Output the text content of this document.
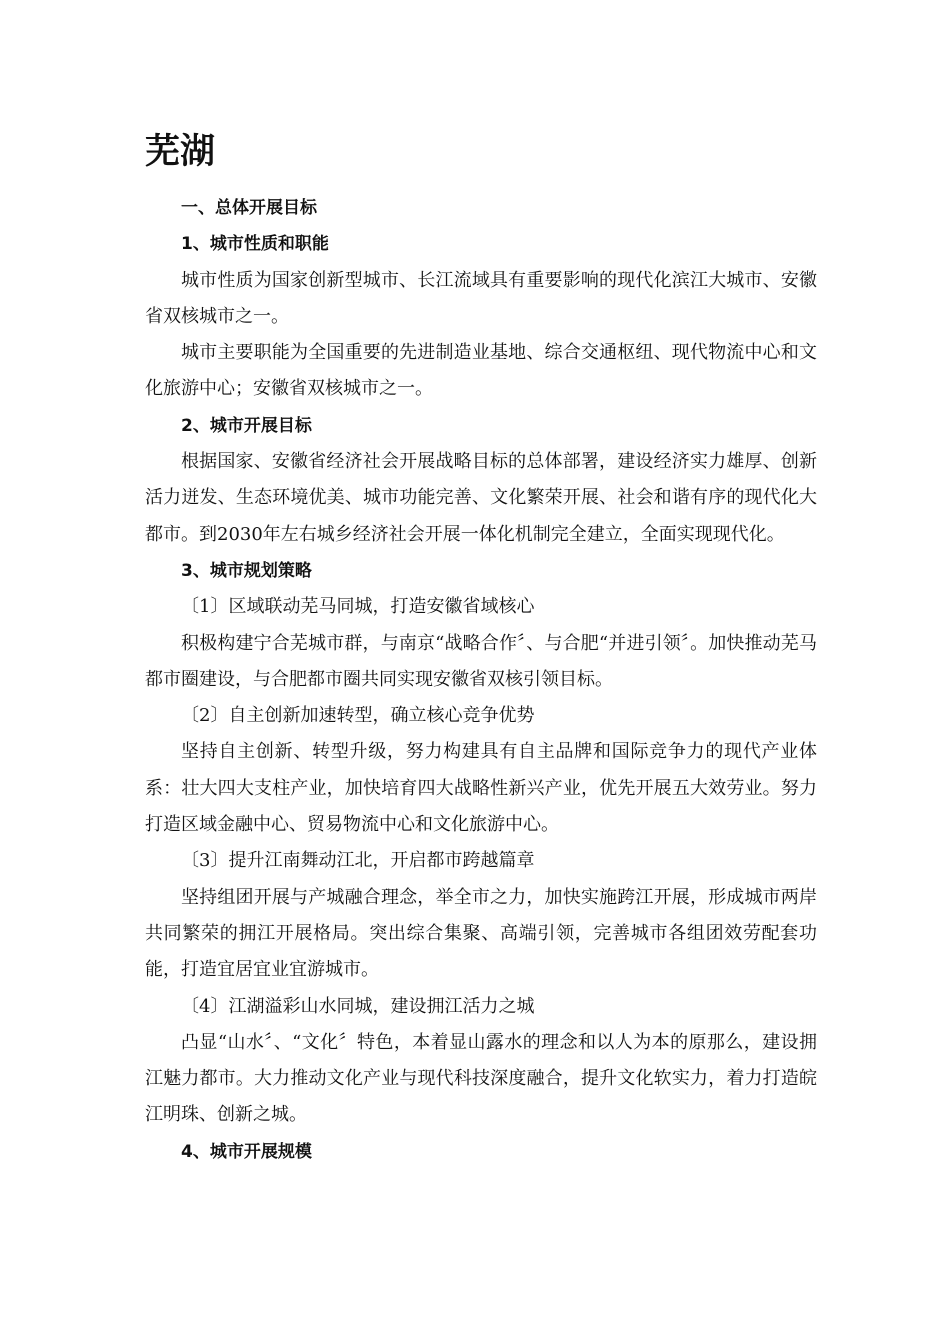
芜湖

一、总体开展目标

1、城市性质和职能

城市性质为国家创新型城市、长江流域具有重要影响的现代化滨江大城市、安徽省双核城市之一。

城市主要职能为全国重要的先进制造业基地、综合交通枢纽、现代物流中心和文化旅游中心；安徽省双核城市之一。

2、城市开展目标

根据国家、安徽省经济社会开展战略目标的总体部署，建设经济实力雄厚、创新活力迸发、生态环境优美、城市功能完善、文化繁荣开展、社会和谐有序的现代化大都市。到2030年左右城乡经济社会开展一体化机制完全建立，全面实现现代化。

3、城市规划策略

〔1〕区域联动芜马同城，打造安徽省域核心

积极构建宁合芜城市群，与南京“战略合作〞、与合肥“并进引领〞。加快推动芜马都市圈建设，与合肥都市圈共同实现安徽省双核引领目标。

〔2〕自主创新加速转型，确立核心竞争优势

坚持自主创新、转型升级，努力构建具有自主品牌和国际竞争力的现代产业体系：壮大四大支柱产业，加快培育四大战略性新兴产业，优先开展五大效劳业。努力打造区域金融中心、贸易物流中心和文化旅游中心。

〔3〕提升江南舞动江北，开启都市跨越篇章

坚持组团开展与产城融合理念，举全市之力，加快实施跨江开展，形成城市两岸共同繁荣的拥江开展格局。突出综合集聚、高端引领，完善城市各组团效劳配套功能，打造宜居宜业宜游城市。

〔4〕江湖溢彩山水同城，建设拥江活力之城

凸显“山水〞、“文化〞特色，本着显山露水的理念和以人为本的原那么，建设拥江魅力都市。大力推动文化产业与现代科技深度融合，提升文化软实力，着力打造皖江明珠、创新之城。

4、城市开展规模
